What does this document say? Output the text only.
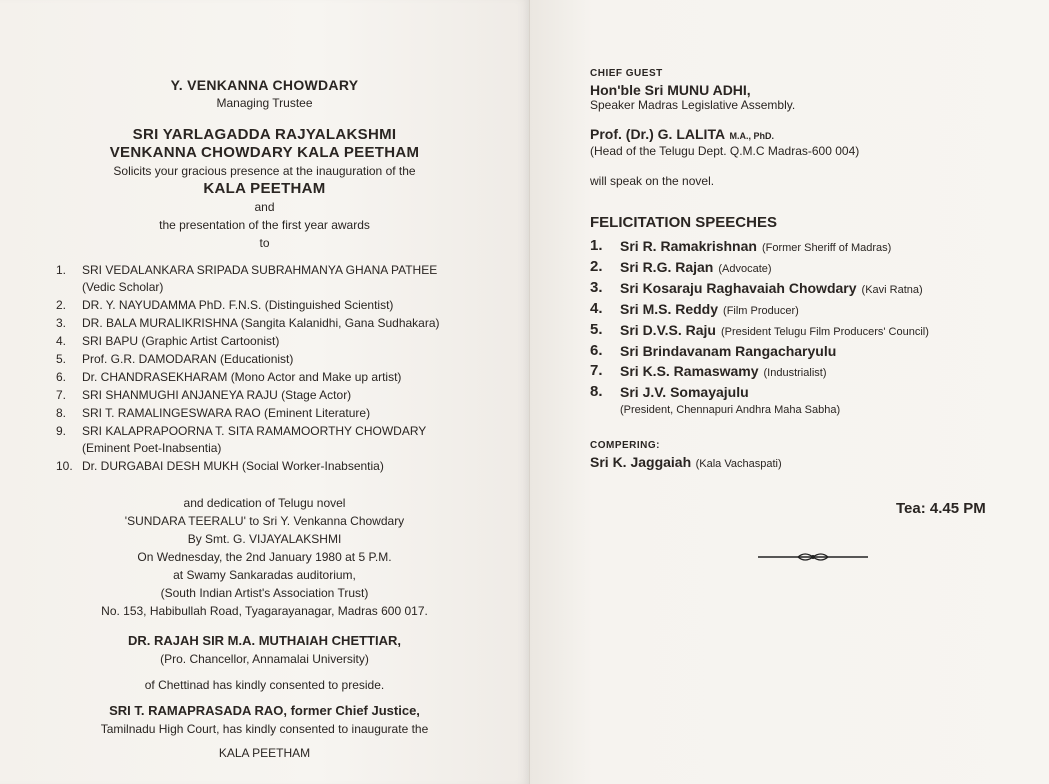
Y. VENKANNA CHOWDARY
Managing Trustee
SRI YARLAGADDA RAJYALAKSHMI
VENKANNA CHOWDARY KALA PEETHAM
Solicits your gracious presence at the inauguration of the
KALA PEETHAM
and
the presentation of the first year awards
to
1.	SRI VEDALANKARA SRIPADA SUBRAHMANYA GHANA PATHEE
(Vedic Scholar)
2.	DR. Y. NAYUDAMMA PhD. F.N.S. (Distinguished Scientist)
3.	DR. BALA MURALIKRISHNA (Sangita Kalanidhi, Gana Sudhakara)
4.	SRI BAPU (Graphic Artist Cartoonist)
5.	Prof. G.R. DAMODARAN (Educationist)
6.	Dr. CHANDRASEKHARAM (Mono Actor and Make up artist)
7.	SRI SHANMUGHI ANJANEYA RAJU (Stage Actor)
8.	SRI T. RAMALINGESWARA RAO (Eminent Literature)
9.	SRI KALAPRAPOORNA T. SITA RAMAMOORTHY CHOWDARY
(Eminent Poet-Inabsentia)
10. Dr. DURGABAI DESH MUKH (Social Worker-Inabsentia)
and dedication of Telugu novel
'SUNDARA TEERALU' to Sri Y. Venkanna Chowdary
By Smt. G. VIJAYALAKSHMI
On Wednesday, the 2nd January 1980 at 5 P.M.
at Swamy Sankaradas auditorium,
(South Indian Artist's Association Trust)
No. 153, Habibullah Road, Tyagarayanagar, Madras 600 017.
DR. RAJAH SIR M.A. MUTHAIAH CHETTIAR,
(Pro. Chancellor, Annamalai University)
of Chettinad has kindly consented to preside.
SRI T. RAMAPRASADA RAO, former Chief Justice,
Tamilnadu High Court, has kindly consented to inaugurate the
KALA PEETHAM
CHIEF GUEST
Hon'ble Sri MUNU ADHI,
Speaker Madras Legislative Assembly.
Prof. (Dr.) G. LALITA M.A., PhD.
(Head of the Telugu Dept. Q.M.C Madras-600 004)
will speak on the novel.
FELICITATION SPEECHES
1.	Sri R. Ramakrishnan (Former Sheriff of Madras)
2.	Sri R.G. Rajan (Advocate)
3.	Sri Kosaraju Raghavaiah Chowdary (Kavi Ratna)
4.	Sri M.S. Reddy (Film Producer)
5.	Sri D.V.S. Raju (President Telugu Film Producers' Council)
6.	Sri Brindavanam Rangacharyulu
7.	Sri K.S. Ramaswamy (Industrialist)
8.	Sri J.V. Somayajulu
(President, Chennapuri Andhra Maha Sabha)
COMPERING:
Sri K. Jaggaiah (Kala Vachaspati)
Tea: 4.45 PM
